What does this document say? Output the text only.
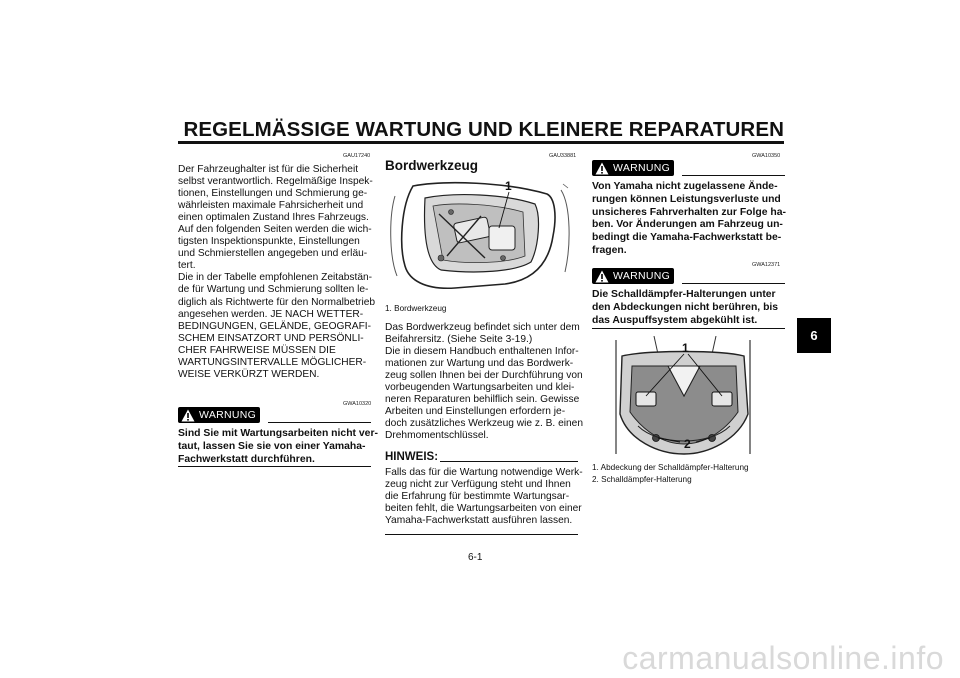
REGELMÄSSIGE WARTUNG UND KLEINERE REPARATUREN
GAU17240
Der Fahrzeughalter ist für die Sicherheit
selbst verantwortlich. Regelmäßige Inspek-
tionen, Einstellungen und Schmierung ge-
währleisten maximale Fahrsicherheit und
einen optimalen Zustand Ihres Fahrzeugs.
Auf den folgenden Seiten werden die wich-
tigsten Inspektionspunkte, Einstellungen
und Schmierstellen angegeben und erläu-
tert.
Die in der Tabelle empfohlenen Zeitabstän-
de für Wartung und Schmierung sollten le-
diglich als Richtwerte für den Normalbetrieb
angesehen werden. JE NACH WETTER-
BEDINGUNGEN, GELÄNDE, GEOGRAFI-
SCHEM EINSATZORT UND PERSÖNLI-
CHER FAHRWEISE MÜSSEN DIE
WARTUNGSINTERVALLE MÖGLICHER-
WEISE VERKÜRZT WERDEN.
GWA10320
WARNUNG
Sind Sie mit Wartungsarbeiten nicht ver-
taut, lassen Sie sie von einer Yamaha-
Fachwerkstatt durchführen.
GAU33881
Bordwerkzeug
1
1. Bordwerkzeug
Das Bordwerkzeug befindet sich unter dem
Beifahrersitz. (Siehe Seite 3-19.)
Die in diesem Handbuch enthaltenen Infor-
mationen zur Wartung und das Bordwerk-
zeug sollen Ihnen bei der Durchführung von
vorbeugenden Wartungsarbeiten und klei-
neren Reparaturen behilflich sein. Gewisse
Arbeiten und Einstellungen erfordern je-
doch zusätzliches Werkzeug wie z. B. einen
Drehmomentschlüssel.
HINWEIS:
Falls das für die Wartung notwendige Werk-
zeug nicht zur Verfügung steht und Ihnen
die Erfahrung für bestimmte Wartungsar-
beiten fehlt, die Wartungsarbeiten von einer
Yamaha-Fachwerkstatt ausführen lassen.
GWA10350
WARNUNG
Von Yamaha nicht zugelassene Ände-
rungen können Leistungsverluste und
unsicheres Fahrverhalten zur Folge ha-
ben. Vor Änderungen am Fahrzeug un-
bedingt die Yamaha-Fachwerkstatt be-
fragen.
GWA12371
WARNUNG
Die Schalldämpfer-Halterungen unter
den Abdeckungen nicht berühren, bis
das Auspuffsystem abgekühlt ist.
1
2
1. Abdeckung der Schalldämpfer-Halterung
2. Schalldämpfer-Halterung
6
6-1
carmanualsonline.info
